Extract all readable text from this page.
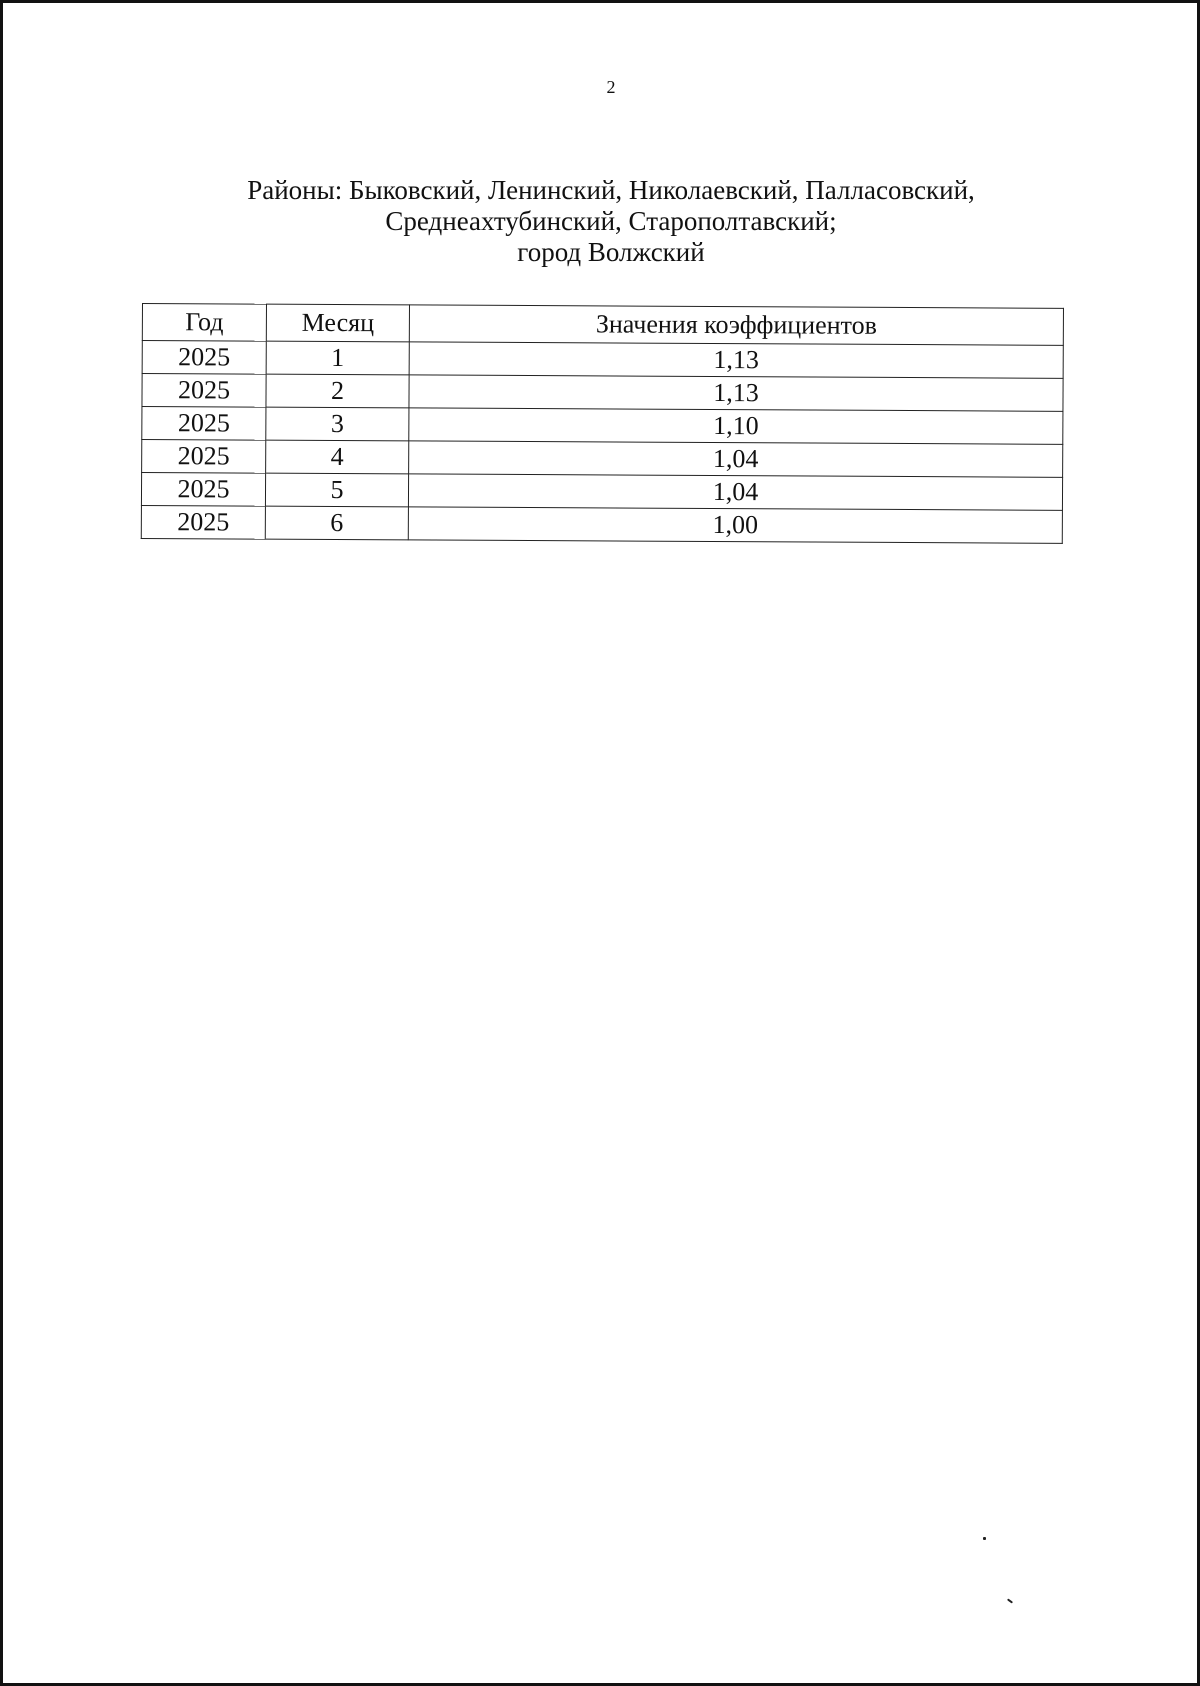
2
Районы: Быковский, Ленинский, Николаевский, Палласовский,
Среднеахтубинский, Старополтавский;
город Волжский
Год	Месяц	Значения коэффициентов
2025	1	1,13
2025	2	1,13
2025	3	1,10
2025	4	1,04
2025	5	1,04
2025	6	1,00
